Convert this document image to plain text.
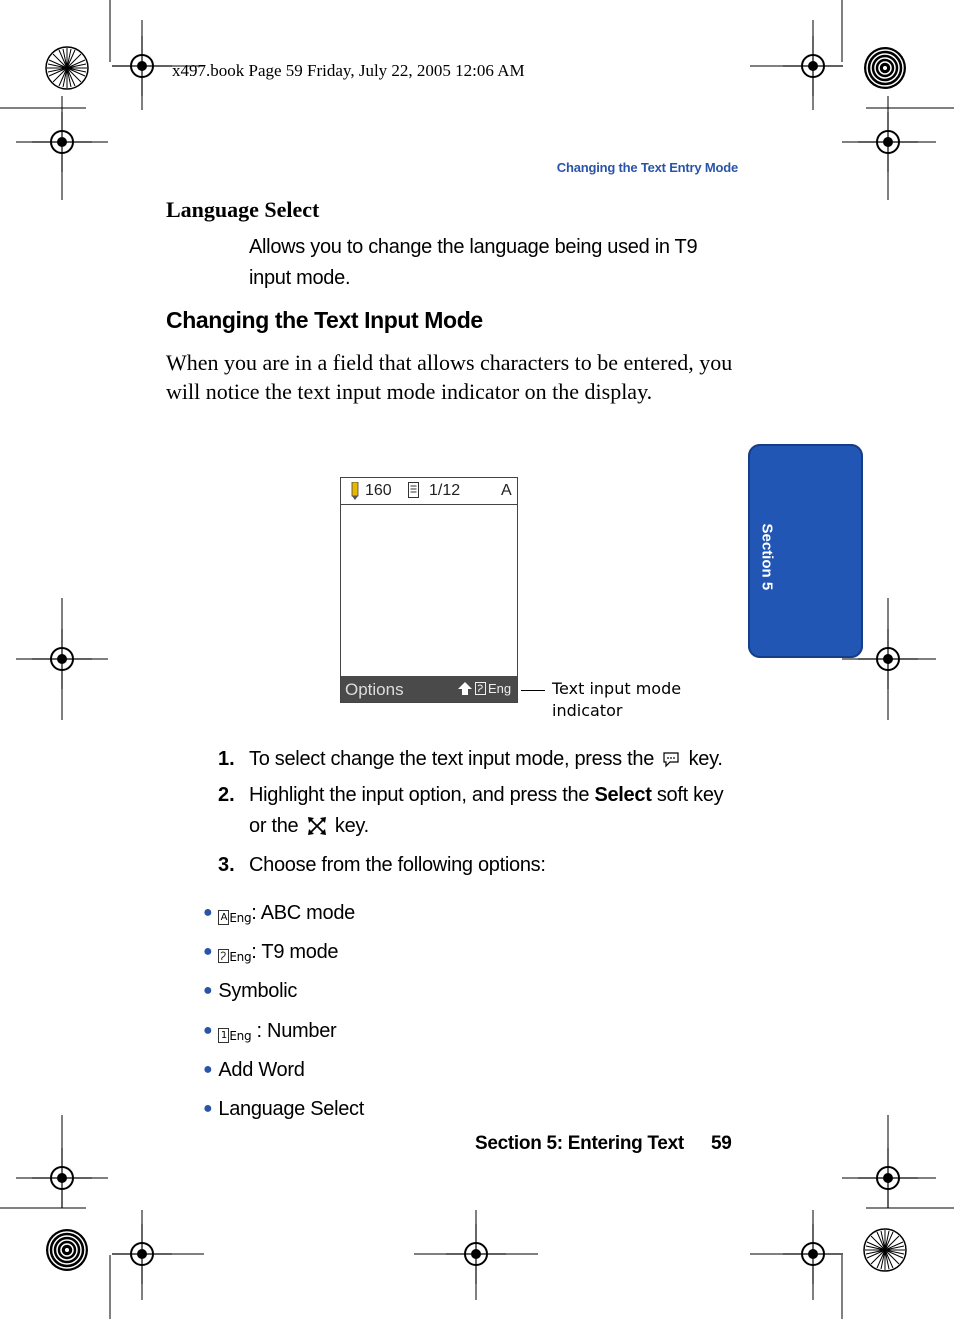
x497.book Page 59 Friday, July 22, 2005 12:06 AM
Changing the Text Entry Mode
Language Select
Allows you to change the language being used in T9 input mode.
Changing the Text Input Mode
When you are in a field that allows characters to be entered, you will notice the text input mode indicator on the display.
Section 5
160 1/12	A
Options	Eng	Text input mode indicator
1. To select change the text input mode, press the key.
2. Highlight the input option, and press the Select soft key
or the key.
3. Choose from the following options:
● A Eng: ABC mode
● Eng: T9 mode
● Symbolic
● 1 Eng : Number
● Add Word
● Language Select
Section 5: Entering Text 59
